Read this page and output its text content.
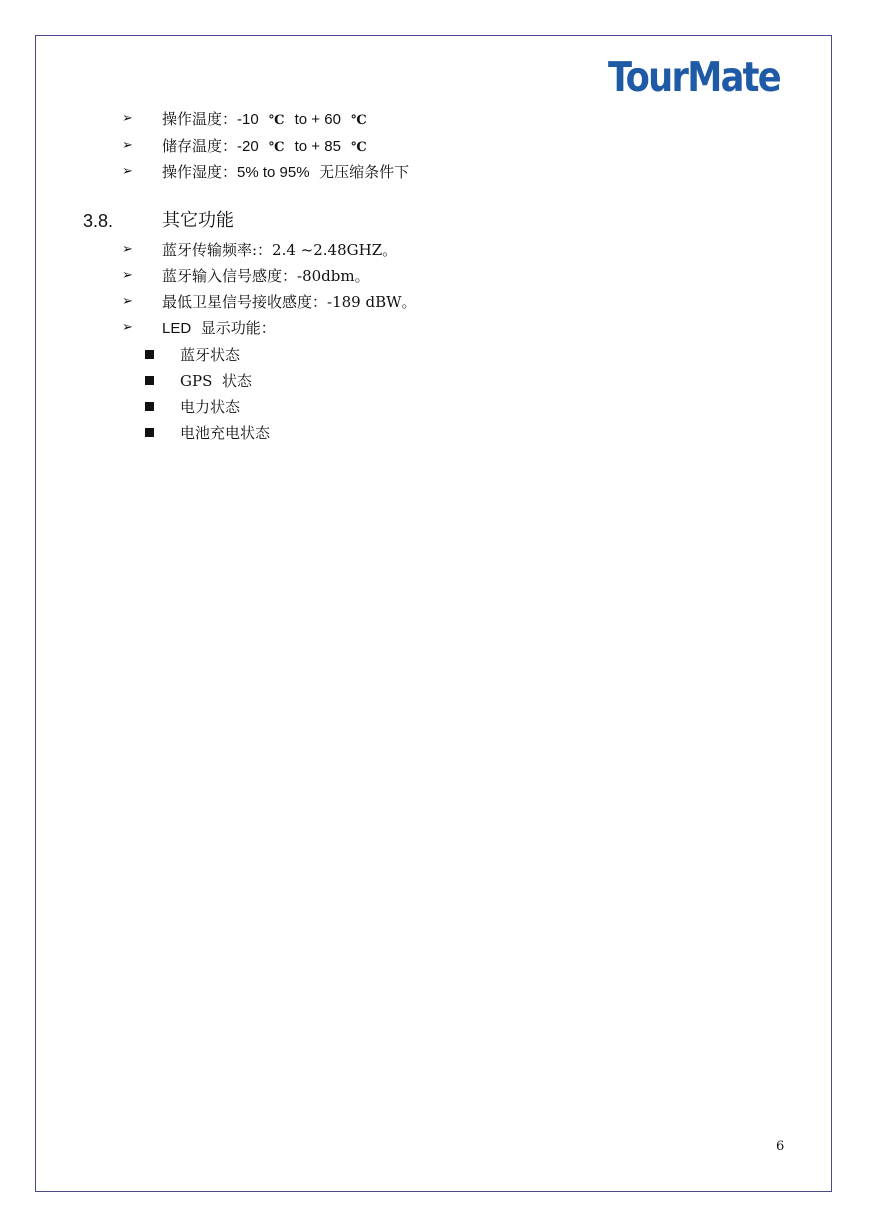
TourMate
➢ 操作温度：-10 ℃ to + 60 ℃
➢ 储存温度：-20 ℃ to + 85 ℃
➢ 操作湿度：5% to 95% 无压缩条件下
3.8.	其它功能
➢ 蓝牙传输频率:：2.4 ~2.48GHZ。
➢ 蓝牙输入信号感度：-80dbm。
➢ 最低卫星信号接收感度：-189 dBW。
➢ LED 显示功能：
蓝牙状态
GPS  状态
电力状态
电池充电状态
6
